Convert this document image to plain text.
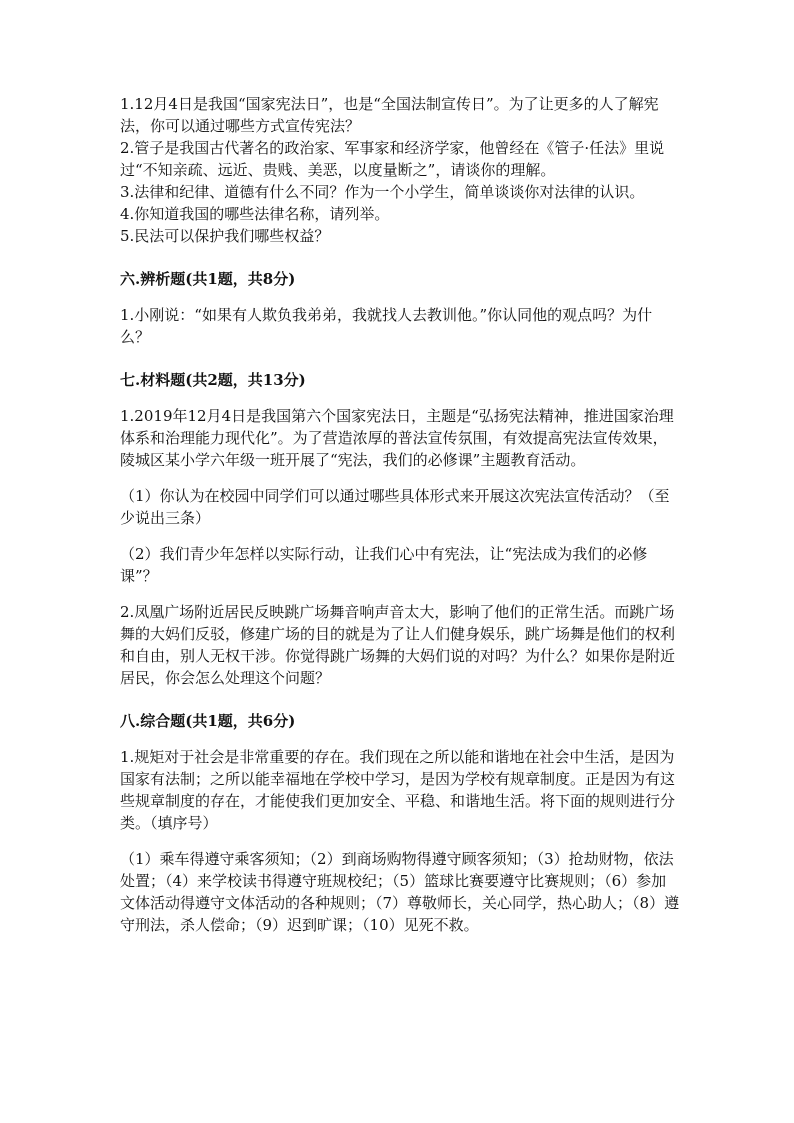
1.12月4日是我国“国家宪法日”，也是“全国法制宣传日”。为了让更多的人了解宪法，你可以通过哪些方式宣传宪法？

2.管子是我国古代著名的政治家、军事家和经济学家，他曾经在《管子·任法》里说过“不知亲疏、远近、贵贱、美恶，以度量断之”，请谈你的理解。

3.法律和纪律、道德有什么不同？作为一个小学生，简单谈谈你对法律的认识。

4.你知道我国的哪些法律名称，请列举。

5.民法可以保护我们哪些权益？

六.辨析题(共1题，共8分)

1.小刚说：“如果有人欺负我弟弟，我就找人去教训他。”你认同他的观点吗？为什么？

七.材料题(共2题，共13分)

1.2019年12月4日是我国第六个国家宪法日，主题是“弘扬宪法精神，推进国家治理体系和治理能力现代化”。为了营造浓厚的普法宣传氛围，有效提高宪法宣传效果，陵城区某小学六年级一班开展了“宪法，我们的必修课”主题教育活动。

（1）你认为在校园中同学们可以通过哪些具体形式来开展这次宪法宣传活动？（至少说出三条）

（2）我们青少年怎样以实际行动，让我们心中有宪法，让“宪法成为我们的必修课”？

2.凤凰广场附近居民反映跳广场舞音响声音太大，影响了他们的正常生活。而跳广场舞的大妈们反驳，修建广场的目的就是为了让人们健身娱乐，跳广场舞是他们的权利和自由，别人无权干涉。你觉得跳广场舞的大妈们说的对吗？为什么？如果你是附近居民，你会怎么处理这个问题？

八.综合题(共1题，共6分)

1.规矩对于社会是非常重要的存在。我们现在之所以能和谐地在社会中生活，是因为国家有法制；之所以能幸福地在学校中学习，是因为学校有规章制度。正是因为有这些规章制度的存在，才能使我们更加安全、平稳、和谐地生活。将下面的规则进行分类。（填序号）

（1）乘车得遵守乘客须知；（2）到商场购物得遵守顾客须知；（3）抢劫财物，依法处置；（4）来学校读书得遵守班规校纪；（5）篮球比赛要遵守比赛规则；（6）参加文体活动得遵守文体活动的各种规则；（7）尊敬师长，关心同学，热心助人；（8）遵守刑法，杀人偿命；（9）迟到旷课；（10）见死不救。
